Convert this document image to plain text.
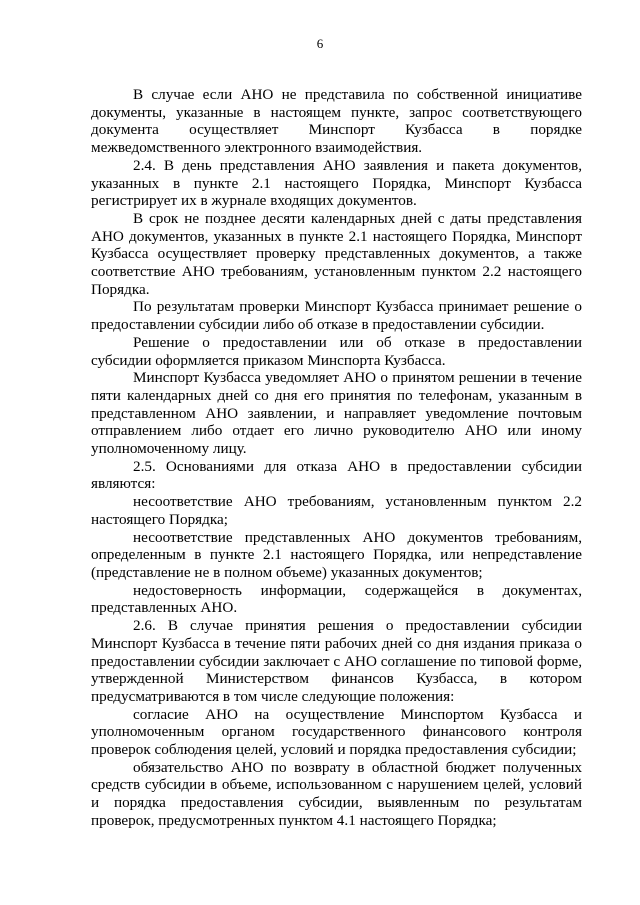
6

В случае если АНО не представила по собственной инициативе документы, указанные в настоящем пункте, запрос соответствующего документа осуществляет Минспорт Кузбасса в порядке межведомственного электронного взаимодействия.

2.4. В день представления АНО заявления и пакета документов, указанных в пункте 2.1 настоящего Порядка, Минспорт Кузбасса регистрирует их в журнале входящих документов.

В срок не позднее десяти календарных дней с даты представления АНО документов, указанных в пункте 2.1 настоящего Порядка, Минспорт Кузбасса осуществляет проверку представленных документов, а также соответствие АНО требованиям, установленным пунктом 2.2 настоящего Порядка.

По результатам проверки Минспорт Кузбасса принимает решение о предоставлении субсидии либо об отказе в предоставлении субсидии.

Решение о предоставлении или об отказе в предоставлении субсидии оформляется приказом Минспорта Кузбасса.

Минспорт Кузбасса уведомляет АНО о принятом решении в течение пяти календарных дней со дня его принятия по телефонам, указанным в представленном АНО заявлении, и направляет уведомление почтовым отправлением либо отдает его лично руководителю АНО или иному уполномоченному лицу.

2.5. Основаниями для отказа АНО в предоставлении субсидии являются:

несоответствие АНО требованиям, установленным пунктом 2.2 настоящего Порядка;

несоответствие представленных АНО документов требованиям, определенным в пункте 2.1 настоящего Порядка, или непредставление (представление не в полном объеме) указанных документов;

недостоверность информации, содержащейся в документах, представленных АНО.

2.6. В случае принятия решения о предоставлении субсидии Минспорт Кузбасса в течение пяти рабочих дней со дня издания приказа о предоставлении субсидии заключает с АНО соглашение по типовой форме, утвержденной Министерством финансов Кузбасса, в котором предусматриваются в том числе следующие положения:

согласие АНО на осуществление Минспортом Кузбасса и уполномоченным органом государственного финансового контроля проверок соблюдения целей, условий и порядка предоставления субсидии;

обязательство АНО по возврату в областной бюджет полученных средств субсидии в объеме, использованном с нарушением целей, условий и порядка предоставления субсидии, выявленным по результатам проверок, предусмотренных пунктом 4.1 настоящего Порядка;
